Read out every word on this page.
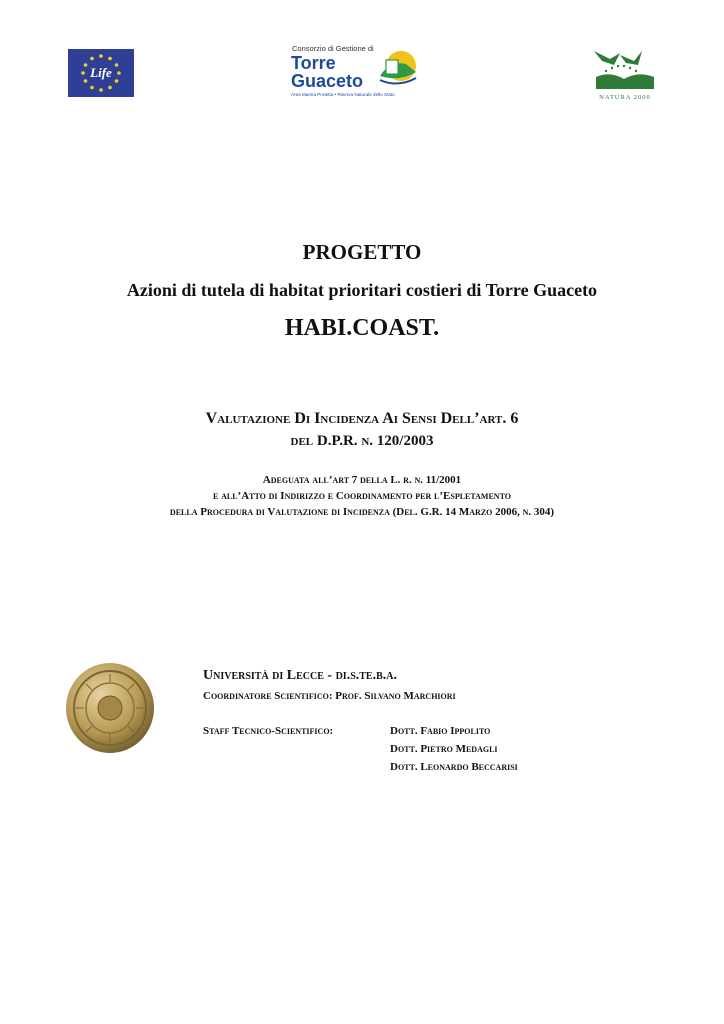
Life
Consorzio di Gestione di
Torre
Guaceto
Area Marina Protetta • Riserva Naturale dello Stato	NATURA 2000
PROGETTO
Azioni di tutela di habitat prioritari costieri di Torre Guaceto
HABI.COAST.
Valutazione Di Incidenza Ai Sensi Dell’art. 6
del D.P.R. n. 120/2003
Adeguata all’art 7 della L. r. n. 11/2001
e all’Atto di Indirizzo e Coordinamento per l’Espletamento
della Procedura di Valutazione di Incidenza (Del. G.R. 14 Marzo 2006, n. 304)
Università di Lecce - di.s.te.b.a.
Coordinatore Scientifico: Prof. Silvano Marchiori
Staff Tecnico-Scientifico:	Dott. Fabio Ippolito
Dott. Pietro Medagli
Dott. Leonardo Beccarisi
